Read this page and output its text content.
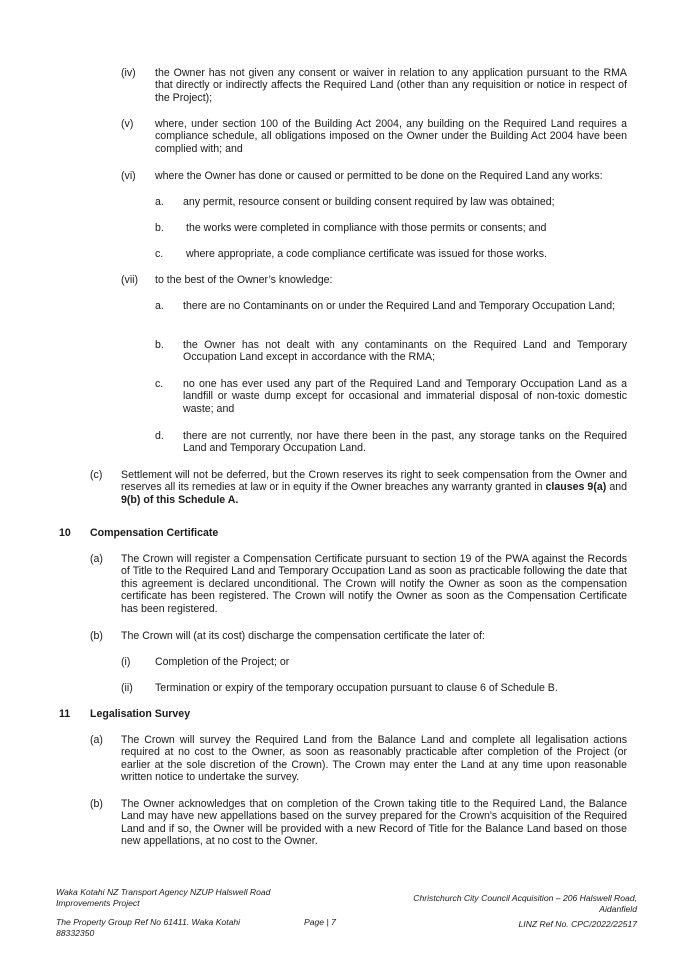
(iv) the Owner has not given any consent or waiver in relation to any application pursuant to the RMA that directly or indirectly affects the Required Land (other than any requisition or notice in respect of the Project);

(v) where, under section 100 of the Building Act 2004, any building on the Required Land requires a compliance schedule, all obligations imposed on the Owner under the Building Act 2004 have been complied with; and

(vi) where the Owner has done or caused or permitted to be done on the Required Land any works:

a. any permit, resource consent or building consent required by law was obtained;

b. the works were completed in compliance with those permits or consents; and

c. where appropriate, a code compliance certificate was issued for those works.

(vii) to the best of the Owner’s knowledge:

a. there are no Contaminants on or under the Required Land and Temporary Occupation Land;

b. the Owner has not dealt with any contaminants on the Required Land and Temporary Occupation Land except in accordance with the RMA;

c. no one has ever used any part of the Required Land and Temporary Occupation Land as a landfill or waste dump except for occasional and immaterial disposal of non-toxic domestic waste; and

d. there are not currently, nor have there been in the past, any storage tanks on the Required Land and Temporary Occupation Land.

(c) Settlement will not be deferred, but the Crown reserves its right to seek compensation from the Owner and reserves all its remedies at law or in equity if the Owner breaches any warranty granted in clauses 9(a) and 9(b) of this Schedule A.

10 Compensation Certificate
(a) The Crown will register a Compensation Certificate pursuant to section 19 of the PWA against the Records of Title to the Required Land and Temporary Occupation Land as soon as practicable following the date that this agreement is declared unconditional. The Crown will notify the Owner as soon as the compensation certificate has been registered. The Crown will notify the Owner as soon as the Compensation Certificate has been registered.

(b) The Crown will (at its cost) discharge the compensation certificate the later of:

(i) Completion of the Project; or

(ii) Termination or expiry of the temporary occupation pursuant to clause 6 of Schedule B.

11 Legalisation Survey
(a) The Crown will survey the Required Land from the Balance Land and complete all legalisation actions required at no cost to the Owner, as soon as reasonably practicable after completion of the Project (or earlier at the sole discretion of the Crown). The Crown may enter the Land at any time upon reasonable written notice to undertake the survey.

(b) The Owner acknowledges that on completion of the Crown taking title to the Required Land, the Balance Land may have new appellations based on the survey prepared for the Crown's acquisition of the Required Land and if so, the Owner will be provided with a new Record of Title for the Balance Land based on those new appellations, at no cost to the Owner.

Waka Kotahi NZ Transport Agency NZUP Halswell Road Improvements Project
The Property Group Ref No 61411. Waka Kotahi 88332350
Page | 7
Christchurch City Council Acquisition – 206 Halswell Road, Aidanfield
LINZ Ref No. CPC/2022/22517
